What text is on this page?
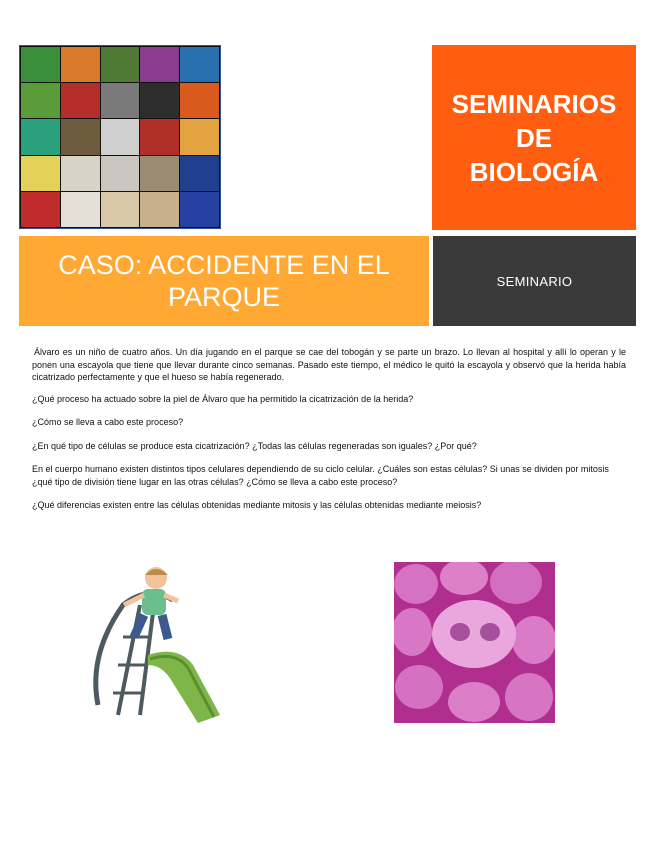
SEMINARIOS
DE
BIOLOGÍA
CASO: ACCIDENTE EN EL
PARQUE
SEMINARIO

Álvaro es un niño de cuatro años. Un día jugando en el parque se cae del tobogán y se parte un brazo. Lo llevan al hospital y allí lo operan y le ponen una escayola que tiene que llevar durante cinco semanas. Pasado este tiempo, el médico le quitó la escayola y observó que la herida había cicatrizado perfectamente y que el hueso se había regenerado.

¿Qué proceso ha actuado sobre la piel de Álvaro que ha permitido la cicatrización de la herida?

¿Cómo se lleva a cabo este proceso?

¿En qué tipo de células se produce esta cicatrización? ¿Todas las células regeneradas son iguales? ¿Por qué?

En el cuerpo humano existen distintos tipos celulares dependiendo de su ciclo celular. ¿Cuáles son estas células? Si unas se dividen por mitosis ¿qué tipo de división tiene lugar en las otras células? ¿Cómo se lleva a cabo este proceso?

¿Qué diferencias existen entre las células obtenidas mediante mitosis y las células obtenidas mediante meiosis?
